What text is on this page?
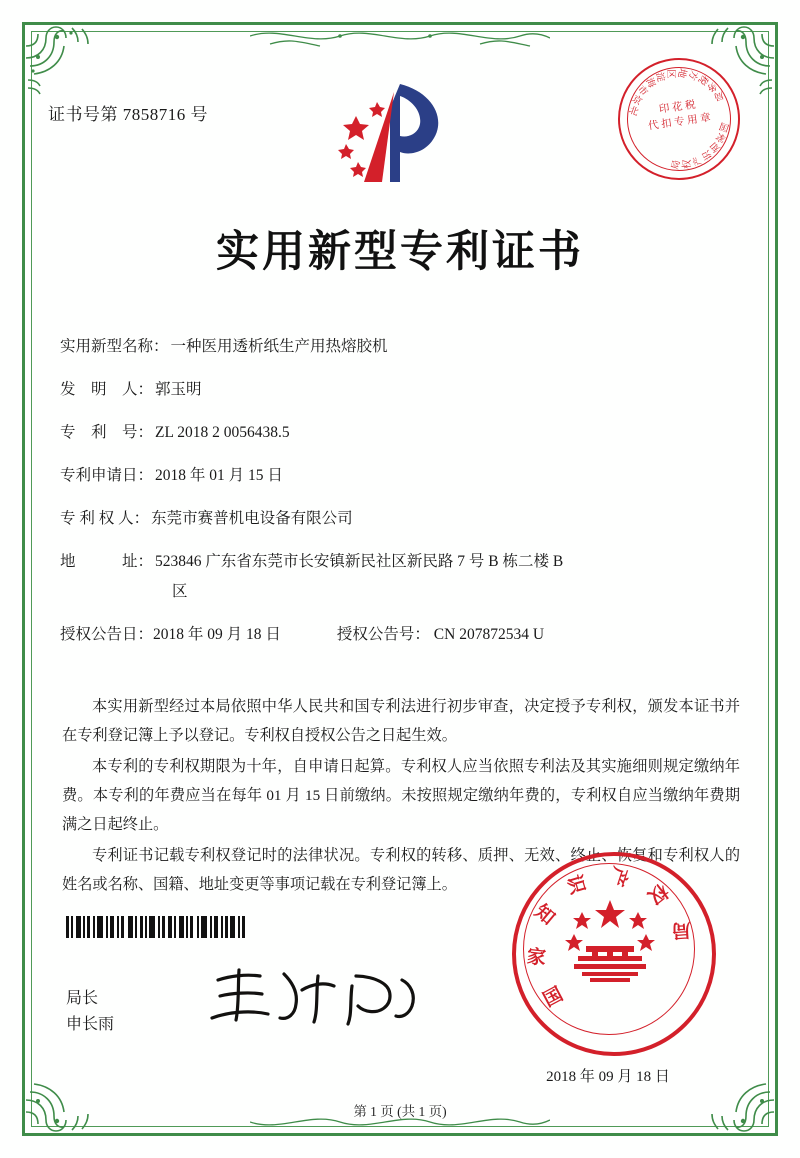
证书号第 7858716 号	北
京
市
海
淀 区 地
方
税
务
局
国
家
知
识
产
权
局
印 花 税
代 扣 专 用 章
实用新型专利证书
实用新型名称： 一种医用透析纸生产用热熔胶机
发　明　人： 郭玉明
专　利　号： ZL 2018 2 0056438.5
专利申请日： 2018 年 01 月 15 日
专 利 权 人： 东莞市赛普机电设备有限公司
地　　　址： 523846 广东省东莞市长安镇新民社区新民路 7 号 B 栋二楼 B
区
授权公告日： 2018 年 09 月 18 日	授权公告号： CN 207872534 U

本实用新型经过本局依照中华人民共和国专利法进行初步审查，决定授予专利权，颁发本证书并在专利登记簿上予以登记。专利权自授权公告之日起生效。

本专利的专利权期限为十年，自申请日起算。专利权人应当依照专利法及其实施细则规定缴纳年费。本专利的年费应当在每年 01 月 15 日前缴纳。未按照规定缴纳年费的，专利权自应当缴纳年费期满之日起终止。

专利证书记载专利权登记时的法律状况。专利权的转移、质押、无效、终止、恢复和专利权人的姓名或名称、国籍、地址变更等事项记载在专利登记簿上。

局长
申长雨
国
家
知
识 产
权
局
2018 年 09 月 18 日
第 1 页 (共 1 页)
